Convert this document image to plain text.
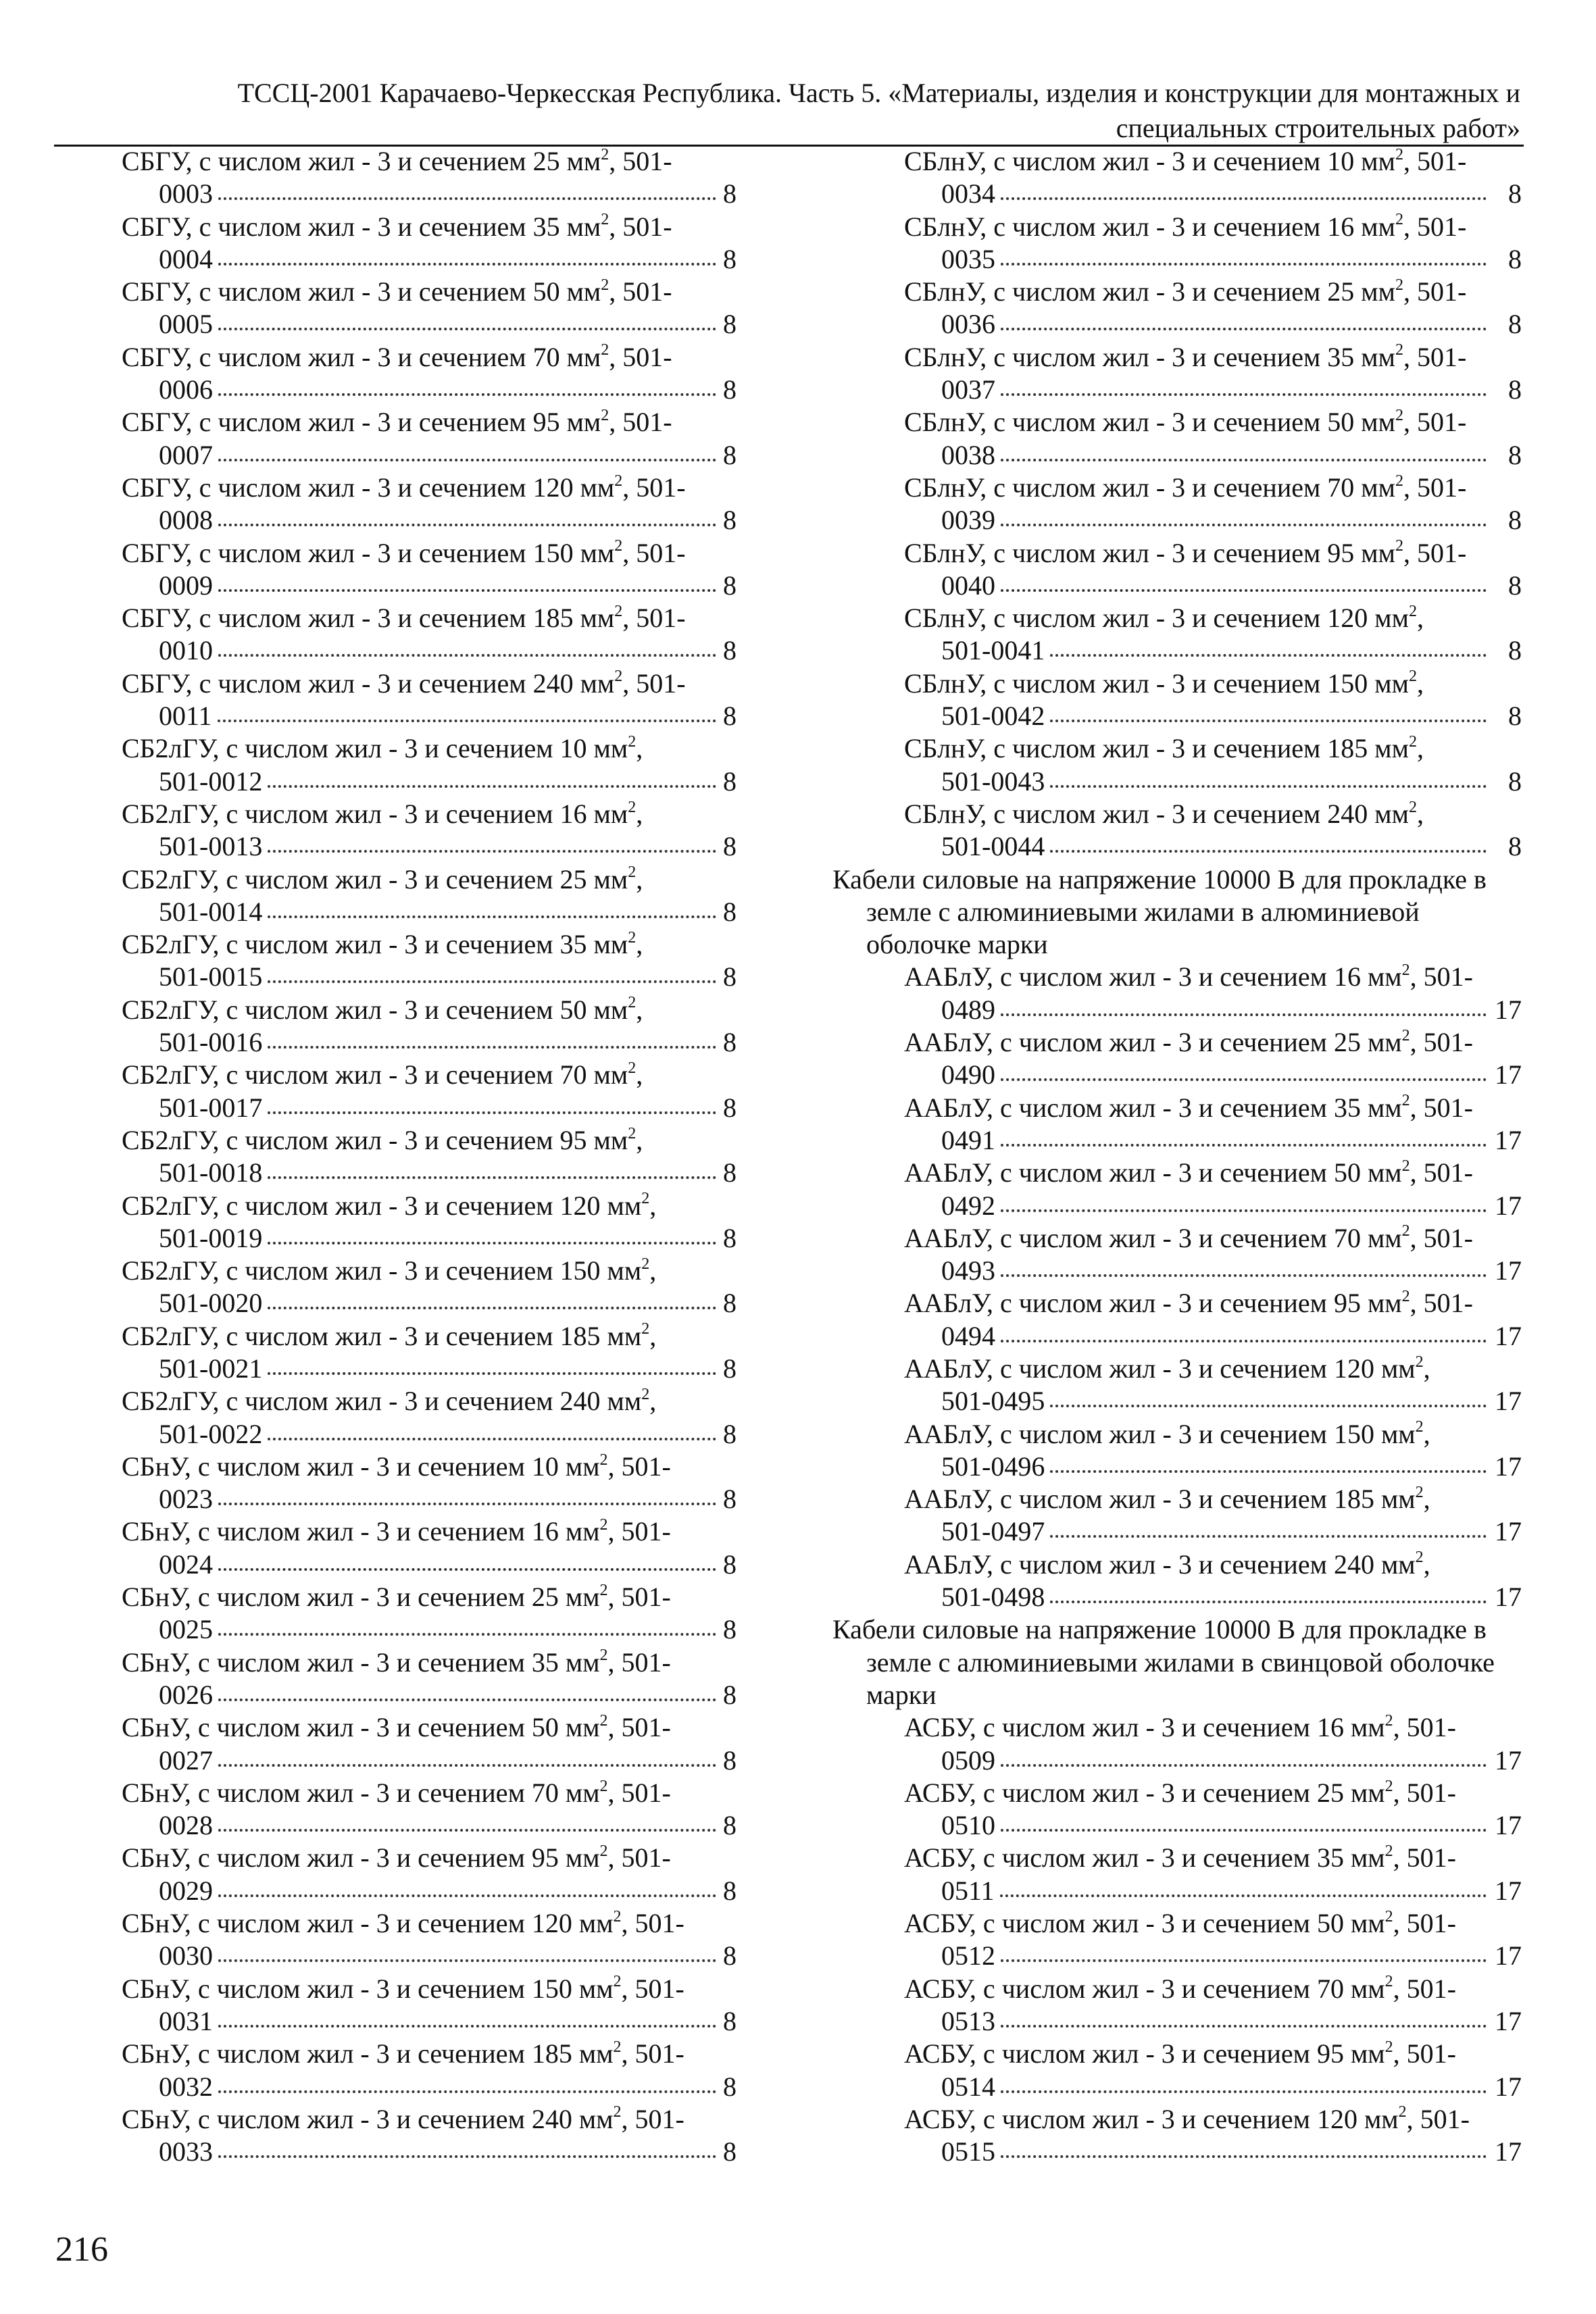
ТССЦ-2001 Карачаево-Черкесская Республика. Часть 5. «Материалы, изделия и конструкции для монтажных и
специальных строительных работ»
СБГУ, с числом жил - 3 и сечением 25 $мм^2$, 501-
0003	8
СБГУ, с числом жил - 3 и сечением 35 $мм^2$, 501-
0004	8
СБГУ, с числом жил - 3 и сечением 50 $мм^2$, 501-
0005	8
СБГУ, с числом жил - 3 и сечением 70 $мм^2$, 501-
0006	8
СБГУ, с числом жил - 3 и сечением 95 $мм^2$, 501-
0007	8
СБГУ, с числом жил - 3 и сечением 120 $мм^2$, 501-
0008	8
СБГУ, с числом жил - 3 и сечением 150 $мм^2$, 501-
0009	8
СБГУ, с числом жил - 3 и сечением 185 $мм^2$, 501-
0010	8
СБГУ, с числом жил - 3 и сечением 240 $мм^2$, 501-
0011	8
СБ2лГУ, с числом жил - 3 и сечением 10 $мм^2$,
501-0012	8
СБ2лГУ, с числом жил - 3 и сечением 16 $мм^2$,
501-0013	8
СБ2лГУ, с числом жил - 3 и сечением 25 $мм^2$,
501-0014	8
СБ2лГУ, с числом жил - 3 и сечением 35 $мм^2$,
501-0015	8
СБ2лГУ, с числом жил - 3 и сечением 50 $мм^2$,
501-0016	8
СБ2лГУ, с числом жил - 3 и сечением 70 $мм^2$,
501-0017	8
СБ2лГУ, с числом жил - 3 и сечением 95 $мм^2$,
501-0018	8
СБ2лГУ, с числом жил - 3 и сечением 120 $мм^2$,
501-0019	8
СБ2лГУ, с числом жил - 3 и сечением 150 $мм^2$,
501-0020	8
СБ2лГУ, с числом жил - 3 и сечением 185 $мм^2$,
501-0021	8
СБ2лГУ, с числом жил - 3 и сечением 240 $мм^2$,
501-0022	8
СБнУ, с числом жил - 3 и сечением 10 $мм^2$, 501-
0023	8
СБнУ, с числом жил - 3 и сечением 16 $мм^2$, 501-
0024	8
СБнУ, с числом жил - 3 и сечением 25 $мм^2$, 501-
0025	8
СБнУ, с числом жил - 3 и сечением 35 $мм^2$, 501-
0026	8
СБнУ, с числом жил - 3 и сечением 50 $мм^2$, 501-
0027	8
СБнУ, с числом жил - 3 и сечением 70 $мм^2$, 501-
0028	8
СБнУ, с числом жил - 3 и сечением 95 $мм^2$, 501-
0029	8
СБнУ, с числом жил - 3 и сечением 120 $мм^2$, 501-
0030	8
СБнУ, с числом жил - 3 и сечением 150 $мм^2$, 501-
0031	8
СБнУ, с числом жил - 3 и сечением 185 $мм^2$, 501-
0032	8
СБнУ, с числом жил - 3 и сечением 240 $мм^2$, 501-
0033	8
СБлнУ, с числом жил - 3 и сечением 10 $мм^2$, 501-
0034	8
СБлнУ, с числом жил - 3 и сечением 16 $мм^2$, 501-
0035	8
СБлнУ, с числом жил - 3 и сечением 25 $мм^2$, 501-
0036	8
СБлнУ, с числом жил - 3 и сечением 35 $мм^2$, 501-
0037	8
СБлнУ, с числом жил - 3 и сечением 50 $мм^2$, 501-
0038	8
СБлнУ, с числом жил - 3 и сечением 70 $мм^2$, 501-
0039	8
СБлнУ, с числом жил - 3 и сечением 95 $мм^2$, 501-
0040	8
СБлнУ, с числом жил - 3 и сечением 120 $мм^2$,
501-0041	8
СБлнУ, с числом жил - 3 и сечением 150 $мм^2$,
501-0042	8
СБлнУ, с числом жил - 3 и сечением 185 $мм^2$,
501-0043	8
СБлнУ, с числом жил - 3 и сечением 240 $мм^2$,
501-0044	8
Кабели силовые на напряжение 10000 В для прокладке в земле с алюминиевыми жилами в алюминиевой оболочке марки
ААБлУ, с числом жил - 3 и сечением 16 $мм^2$, 501-
0489	17
ААБлУ, с числом жил - 3 и сечением 25 $мм^2$, 501-
0490	17
ААБлУ, с числом жил - 3 и сечением 35 $мм^2$, 501-
0491	17
ААБлУ, с числом жил - 3 и сечением 50 $мм^2$, 501-
0492	17
ААБлУ, с числом жил - 3 и сечением 70 $мм^2$, 501-
0493	17
ААБлУ, с числом жил - 3 и сечением 95 $мм^2$, 501-
0494	17
ААБлУ, с числом жил - 3 и сечением 120 $мм^2$,
501-0495	17
ААБлУ, с числом жил - 3 и сечением 150 $мм^2$,
501-0496	17
ААБлУ, с числом жил - 3 и сечением 185 $мм^2$,
501-0497	17
ААБлУ, с числом жил - 3 и сечением 240 $мм^2$,
501-0498	17
Кабели силовые на напряжение 10000 В для прокладке в земле с алюминиевыми жилами в свинцовой оболочке марки
АСБУ, с числом жил - 3 и сечением 16 $мм^2$, 501-
0509	17
АСБУ, с числом жил - 3 и сечением 25 $мм^2$, 501-
0510	17
АСБУ, с числом жил - 3 и сечением 35 $мм^2$, 501-
0511	17
АСБУ, с числом жил - 3 и сечением 50 $мм^2$, 501-
0512	17
АСБУ, с числом жил - 3 и сечением 70 $мм^2$, 501-
0513	17
АСБУ, с числом жил - 3 и сечением 95 $мм^2$, 501-
0514	17
АСБУ, с числом жил - 3 и сечением 120 $мм^2$, 501-
0515	17
216
